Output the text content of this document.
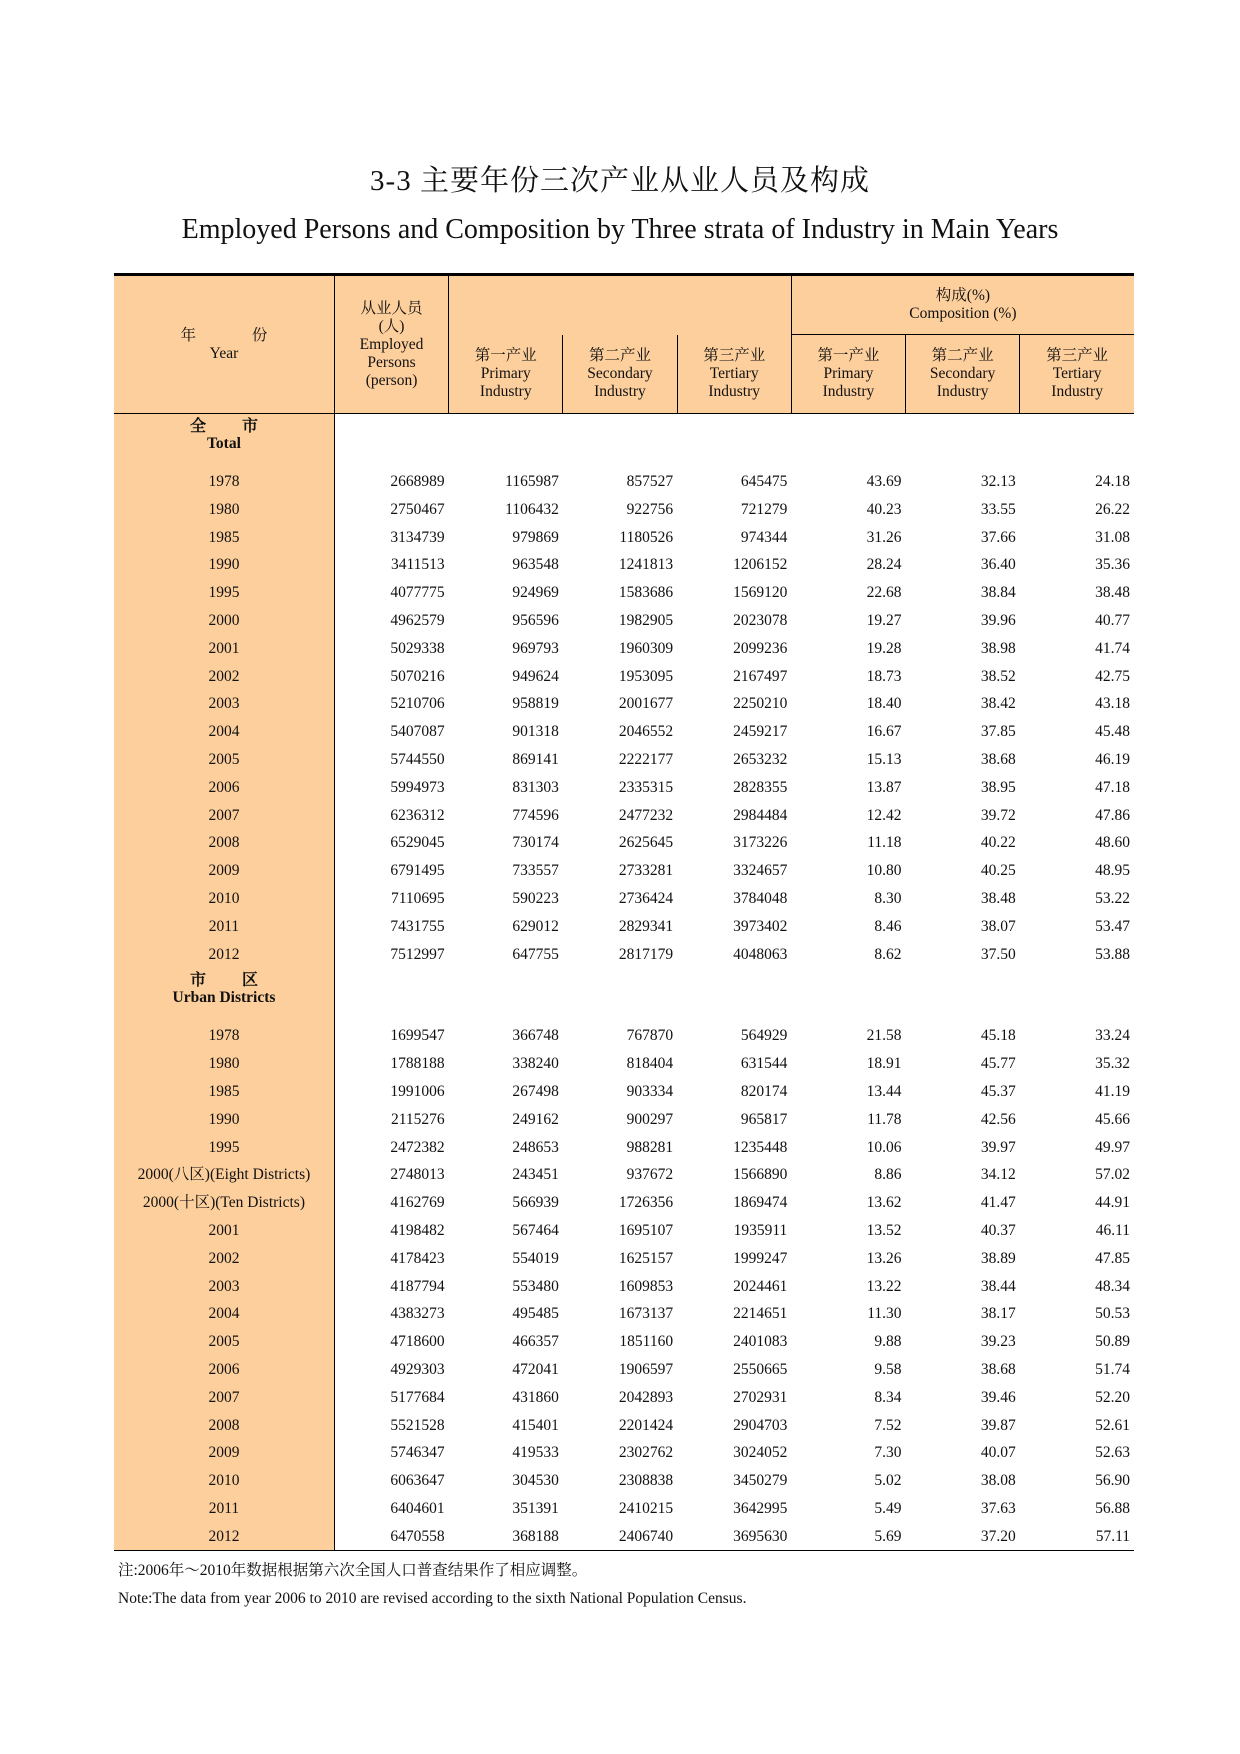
3-3 主要年份三次产业从业人员及构成
Employed Persons and Composition by Three strata of Industry in Main Years
年 份
Year	从业人员
(人)
Employed
Persons
(person)				构成(%)
Composition (%)		

		第一产业
Primary
Industry	第二产业
Secondary
Industry	第三产业
Tertiary
Industry	第一产业
Primary
Industry	第二产业
Secondary
Industry	第三产业
Tertiary
Industry

全市
Total							

1978	2668989	1165987	857527	645475	43.69	32.13	24.18
1980	2750467	1106432	922756	721279	40.23	33.55	26.22
1985	3134739	979869	1180526	974344	31.26	37.66	31.08
1990	3411513	963548	1241813	1206152	28.24	36.40	35.36
1995	4077775	924969	1583686	1569120	22.68	38.84	38.48
2000	4962579	956596	1982905	2023078	19.27	39.96	40.77
2001	5029338	969793	1960309	2099236	19.28	38.98	41.74
2002	5070216	949624	1953095	2167497	18.73	38.52	42.75
2003	5210706	958819	2001677	2250210	18.40	38.42	43.18
2004	5407087	901318	2046552	2459217	16.67	37.85	45.48
2005	5744550	869141	2222177	2653232	15.13	38.68	46.19
2006	5994973	831303	2335315	2828355	13.87	38.95	47.18
2007	6236312	774596	2477232	2984484	12.42	39.72	47.86
2008	6529045	730174	2625645	3173226	11.18	40.22	48.60
2009	6791495	733557	2733281	3324657	10.80	40.25	48.95
2010	7110695	590223	2736424	3784048	8.30	38.48	53.22
2011	7431755	629012	2829341	3973402	8.46	38.07	53.47
2012	7512997	647755	2817179	4048063	8.62	37.50	53.88

市区
Urban Districts							

1978	1699547	366748	767870	564929	21.58	45.18	33.24
1980	1788188	338240	818404	631544	18.91	45.77	35.32
1985	1991006	267498	903334	820174	13.44	45.37	41.19
1990	2115276	249162	900297	965817	11.78	42.56	45.66
1995	2472382	248653	988281	1235448	10.06	39.97	49.97
2000(八区)(Eight Districts)	2748013	243451	937672	1566890	8.86	34.12	57.02
2000(十区)(Ten Districts)	4162769	566939	1726356	1869474	13.62	41.47	44.91
2001	4198482	567464	1695107	1935911	13.52	40.37	46.11
2002	4178423	554019	1625157	1999247	13.26	38.89	47.85
2003	4187794	553480	1609853	2024461	13.22	38.44	48.34
2004	4383273	495485	1673137	2214651	11.30	38.17	50.53
2005	4718600	466357	1851160	2401083	9.88	39.23	50.89
2006	4929303	472041	1906597	2550665	9.58	38.68	51.74
2007	5177684	431860	2042893	2702931	8.34	39.46	52.20
2008	5521528	415401	2201424	2904703	7.52	39.87	52.61
2009	5746347	419533	2302762	3024052	7.30	40.07	52.63
2010	6063647	304530	2308838	3450279	5.02	38.08	56.90
2011	6404601	351391	2410215	3642995	5.49	37.63	56.88
2012	6470558	368188	2406740	3695630	5.69	37.20	57.11
注:2006年～2010年数据根据第六次全国人口普查结果作了相应调整。
Note:The data from year 2006 to 2010 are revised according to the sixth National Population Census.
